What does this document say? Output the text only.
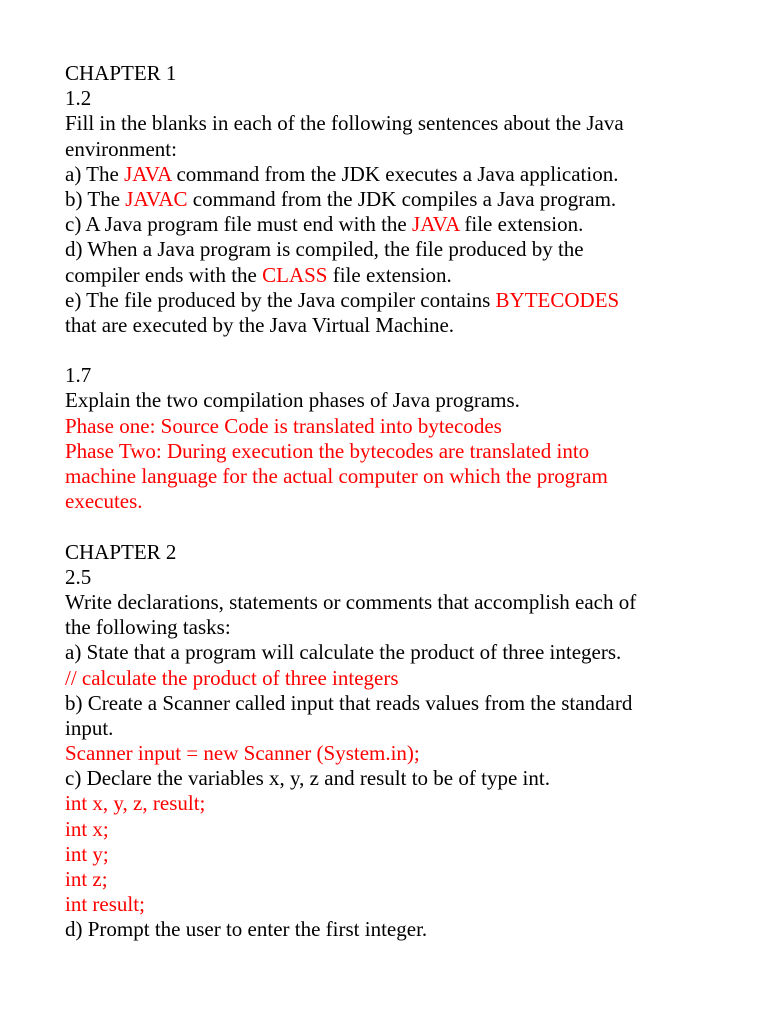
CHAPTER 1
1.2
Fill in the blanks in each of the following sentences about the Java
environment:
a) The JAVA command from the JDK executes a Java application.
b) The JAVAC command from the JDK compiles a Java program.
c) A Java program file must end with the JAVA file extension.
d) When a Java program is compiled, the file produced by the
compiler ends with the CLASS file extension.
e) The file produced by the Java compiler contains BYTECODES
that are executed by the Java Virtual Machine.
1.7
Explain the two compilation phases of Java programs.
Phase one: Source Code is translated into bytecodes
Phase Two: During execution the bytecodes are translated into
machine language for the actual computer on which the program
executes.
CHAPTER 2
2.5
Write declarations, statements or comments that accomplish each of
the following tasks:
a) State that a program will calculate the product of three integers.
// calculate the product of three integers
b) Create a Scanner called input that reads values from the standard
input.
Scanner input = new Scanner (System.in);
c) Declare the variables x, y, z and result to be of type int.
int x, y, z, result;
int x;
int y;
int z;
int result;
d) Prompt the user to enter the first integer.
